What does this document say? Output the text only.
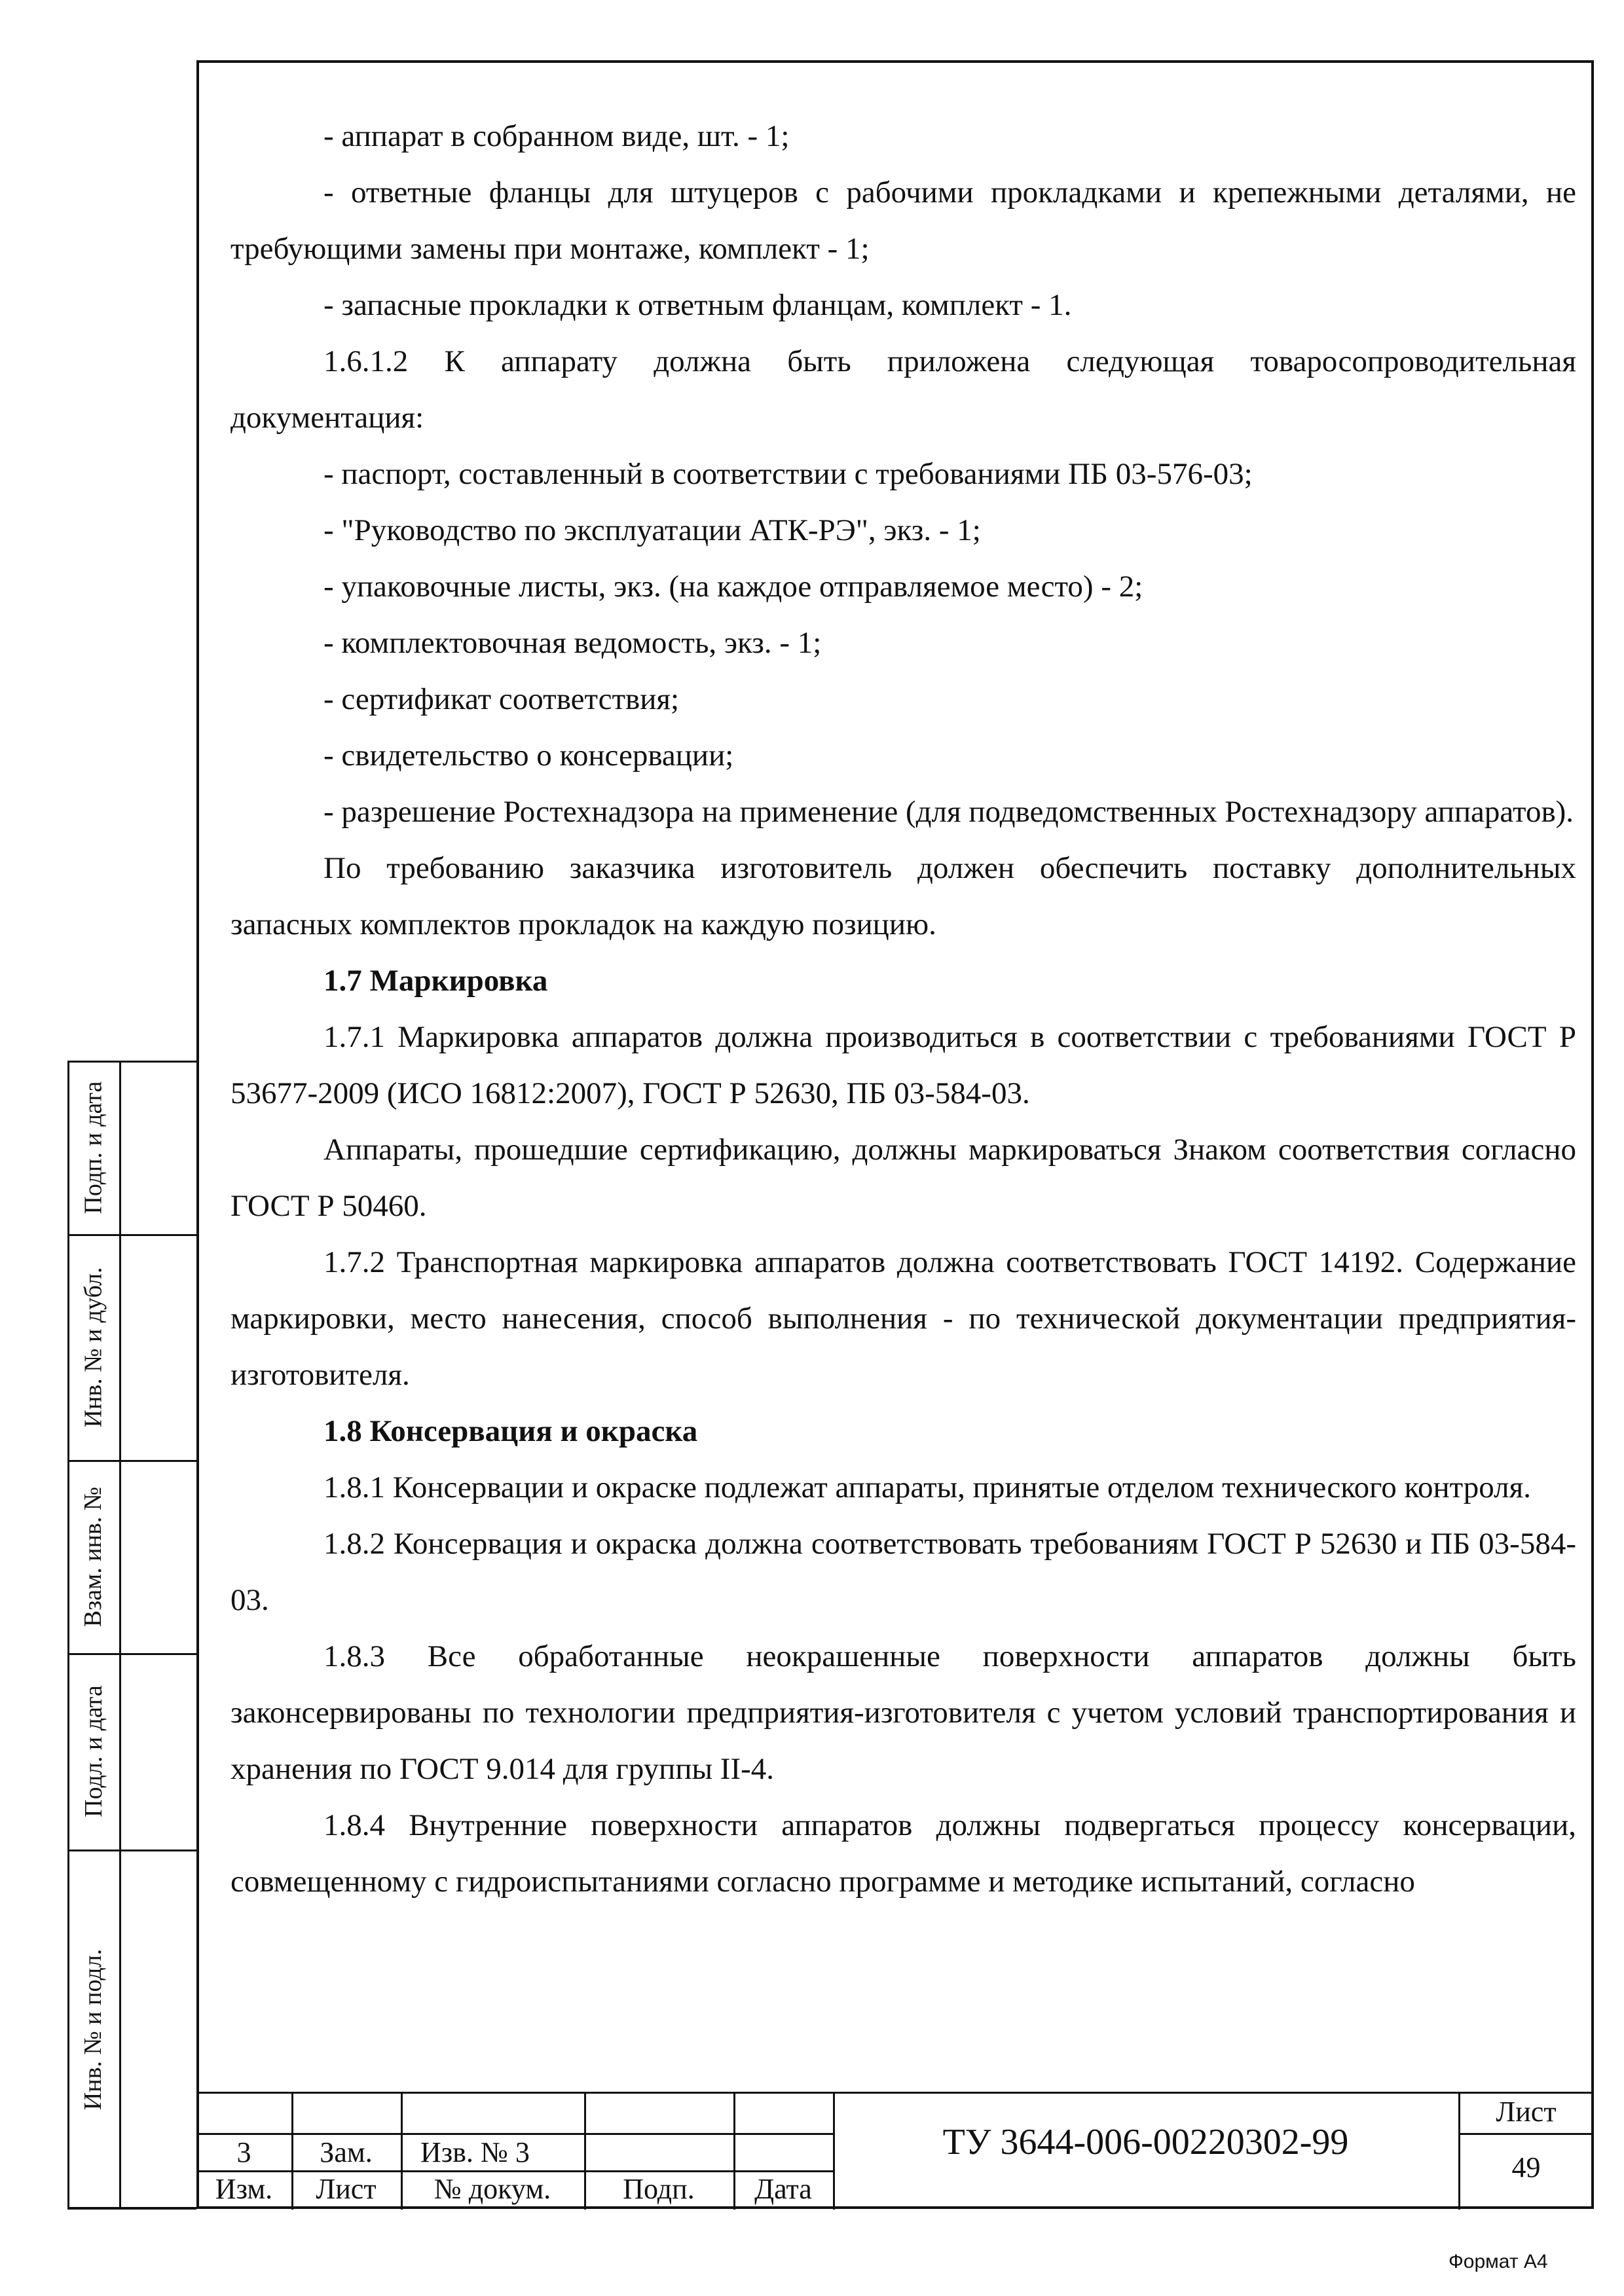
- аппарат в собранном виде, шт. - 1;

- ответные фланцы для штуцеров с рабочими прокладками и крепежными деталями, не требующими замены при монтаже, комплект - 1;

- запасные прокладки к ответным фланцам, комплект - 1.

1.6.1.2 К аппарату должна быть приложена следующая товаросопроводительная документация:

- паспорт, составленный в соответствии с требованиями ПБ 03-576-03;

- "Руководство по эксплуатации АТК-РЭ", экз. - 1;

- упаковочные листы, экз. (на каждое отправляемое место) - 2;

- комплектовочная ведомость, экз. - 1;

- сертификат соответствия;

- свидетельство о консервации;

- разрешение Ростехнадзора на применение (для подведомственных Ростехнадзору аппаратов).

По требованию заказчика изготовитель должен обеспечить поставку дополнительных запасных комплектов прокладок на каждую позицию.

1.7 Маркировка

1.7.1 Маркировка аппаратов должна производиться в соответствии с требованиями ГОСТ Р 53677-2009 (ИСО 16812:2007), ГОСТ Р 52630, ПБ 03-584-03.

Аппараты, прошедшие сертификацию, должны маркироваться Знаком соответствия согласно ГОСТ Р 50460.

1.7.2 Транспортная маркировка аппаратов должна соответствовать ГОСТ 14192. Содержание маркировки, место нанесения, способ выполнения - по технической документации предприятия-изготовителя.

1.8 Консервация и окраска

1.8.1 Консервации и окраске подлежат аппараты, принятые отделом технического контроля.

1.8.2 Консервация и окраска должна соответствовать требованиям ГОСТ Р 52630 и ПБ 03-584-03.

1.8.3 Все обработанные неокрашенные поверхности аппаратов должны быть законсервированы по технологии предприятия-изготовителя с учетом условий транспортирования и хранения по ГОСТ 9.014 для группы II-4.

1.8.4 Внутренние поверхности аппаратов должны подвергаться процессу консервации, совмещенному с гидроиспытаниями согласно программе и методике испытаний, согласно

Подп. и дата
Инв. № и дубл.
Взам. инв. №
Подл. и дата
Инв. № и подл.
3	Зам.	Изв. № 3
Изм.	Лист	№ докум.	Подп.	Дата
ТУ 3644-006-00220302-99
Лист
49
Формат А4
